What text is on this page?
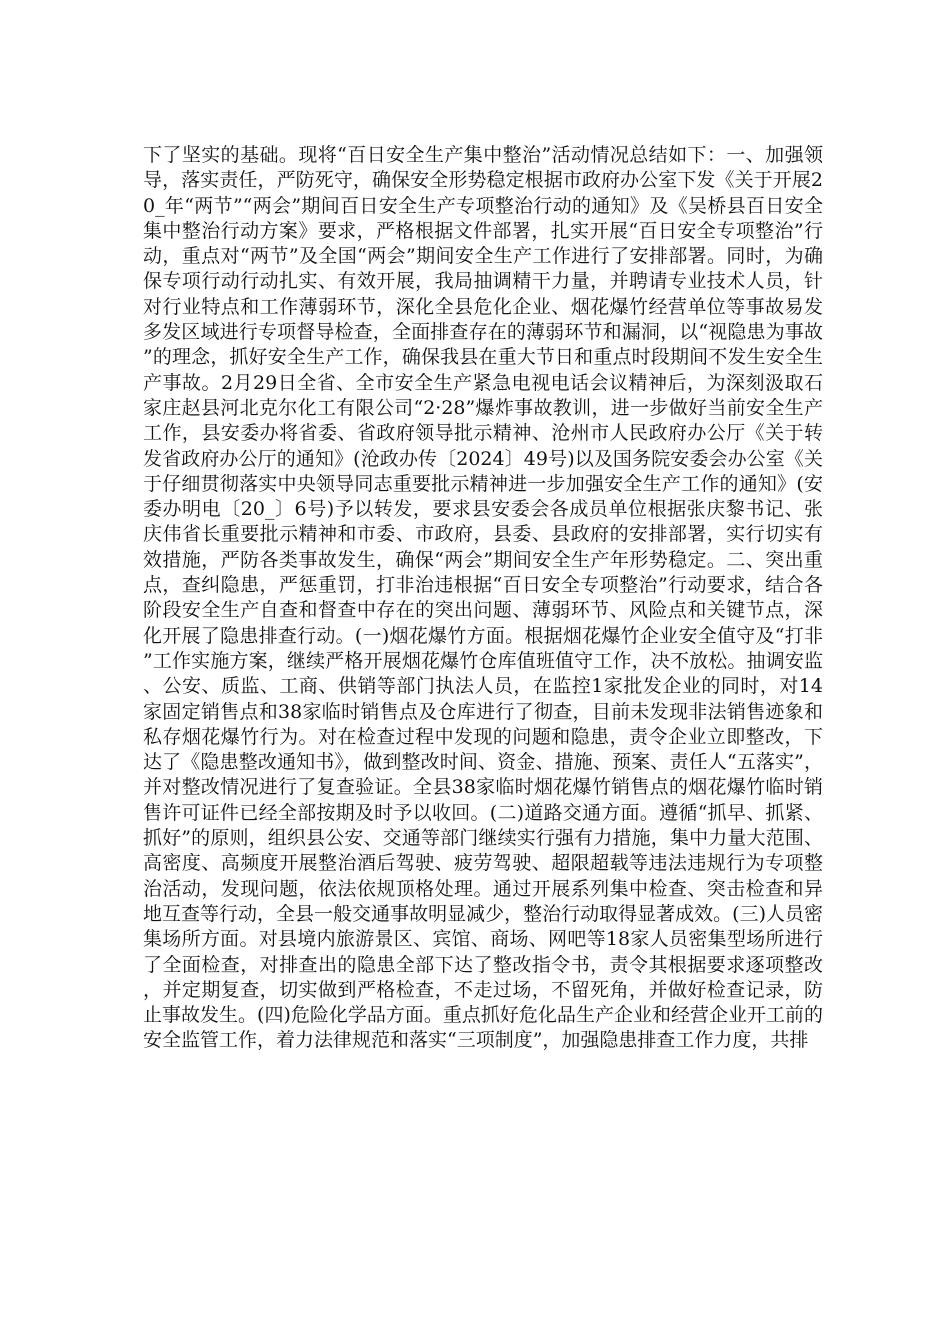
下了坚实的基础。现将“百日安全生产集中整治”活动情况总结如下：一、加强领导，落实责任，严防死守，确保安全形势稳定根据市政府办公室下发《关于开展20_年“两节”“两会”期间百日安全生产专项整治行动的通知》及《吴桥县百日安全集中整治行动方案》要求，严格根据文件部署，扎实开展“百日安全专项整治”行动，重点对“两节”及全国“两会”期间安全生产工作进行了安排部署。同时，为确保专项行动行动扎实、有效开展，我局抽调精干力量，并聘请专业技术人员，针对行业特点和工作薄弱环节，深化全县危化企业、烟花爆竹经营单位等事故易发多发区域进行专项督导检查，全面排查存在的薄弱环节和漏洞，以“视隐患为事故”的理念，抓好安全生产工作，确保我县在重大节日和重点时段期间不发生安全生产事故。2月29日全省、全市安全生产紧急电视电话会议精神后，为深刻汲取石家庄赵县河北克尔化工有限公司“2·28”爆炸事故教训，进一步做好当前安全生产工作，县安委办将省委、省政府领导批示精神、沧州市人民政府办公厅《关于转发省政府办公厅的通知》(沧政办传〔2024〕49号)以及国务院安委会办公室《关于仔细贯彻落实中央领导同志重要批示精神进一步加强安全生产工作的通知》(安委办明电〔20_〕6号)予以转发，要求县安委会各成员单位根据张庆黎书记、张庆伟省长重要批示精神和市委、市政府，县委、县政府的安排部署，实行切实有效措施，严防各类事故发生，确保“两会”期间安全生产年形势稳定。二、突出重点，查纠隐患，严惩重罚，打非治违根据“百日安全专项整治”行动要求，结合各阶段安全生产自查和督查中存在的突出问题、薄弱环节、风险点和关键节点，深化开展了隐患排查行动。(一)烟花爆竹方面。根据烟花爆竹企业安全值守及“打非”工作实施方案，继续严格开展烟花爆竹仓库值班值守工作，决不放松。抽调安监、公安、质监、工商、供销等部门执法人员，在监控1家批发企业的同时，对14家固定销售点和38家临时销售点及仓库进行了彻查，目前未发现非法销售迹象和私存烟花爆竹行为。对在检查过程中发现的问题和隐患，责令企业立即整改，下达了《隐患整改通知书》，做到整改时间、资金、措施、预案、责任人“五落实”，并对整改情况进行了复查验证。全县38家临时烟花爆竹销售点的烟花爆竹临时销售许可证件已经全部按期及时予以收回。(二)道路交通方面。遵循“抓早、抓紧、抓好”的原则，组织县公安、交通等部门继续实行强有力措施，集中力量大范围、高密度、高频度开展整治酒后驾驶、疲劳驾驶、超限超载等违法违规行为专项整治活动，发现问题，依法依规顶格处理。通过开展系列集中检查、突击检查和异地互查等行动，全县一般交通事故明显减少，整治行动取得显著成效。(三)人员密集场所方面。对县境内旅游景区、宾馆、商场、网吧等18家人员密集型场所进行了全面检查，对排查出的隐患全部下达了整改指令书，责令其根据要求逐项整改，并定期复查，切实做到严格检查，不走过场，不留死角，并做好检查记录，防止事故发生。(四)危险化学品方面。重点抓好危化品生产企业和经营企业开工前的安全监管工作，着力法律规范和落实“三项制度”，加强隐患排查工作力度，共排
